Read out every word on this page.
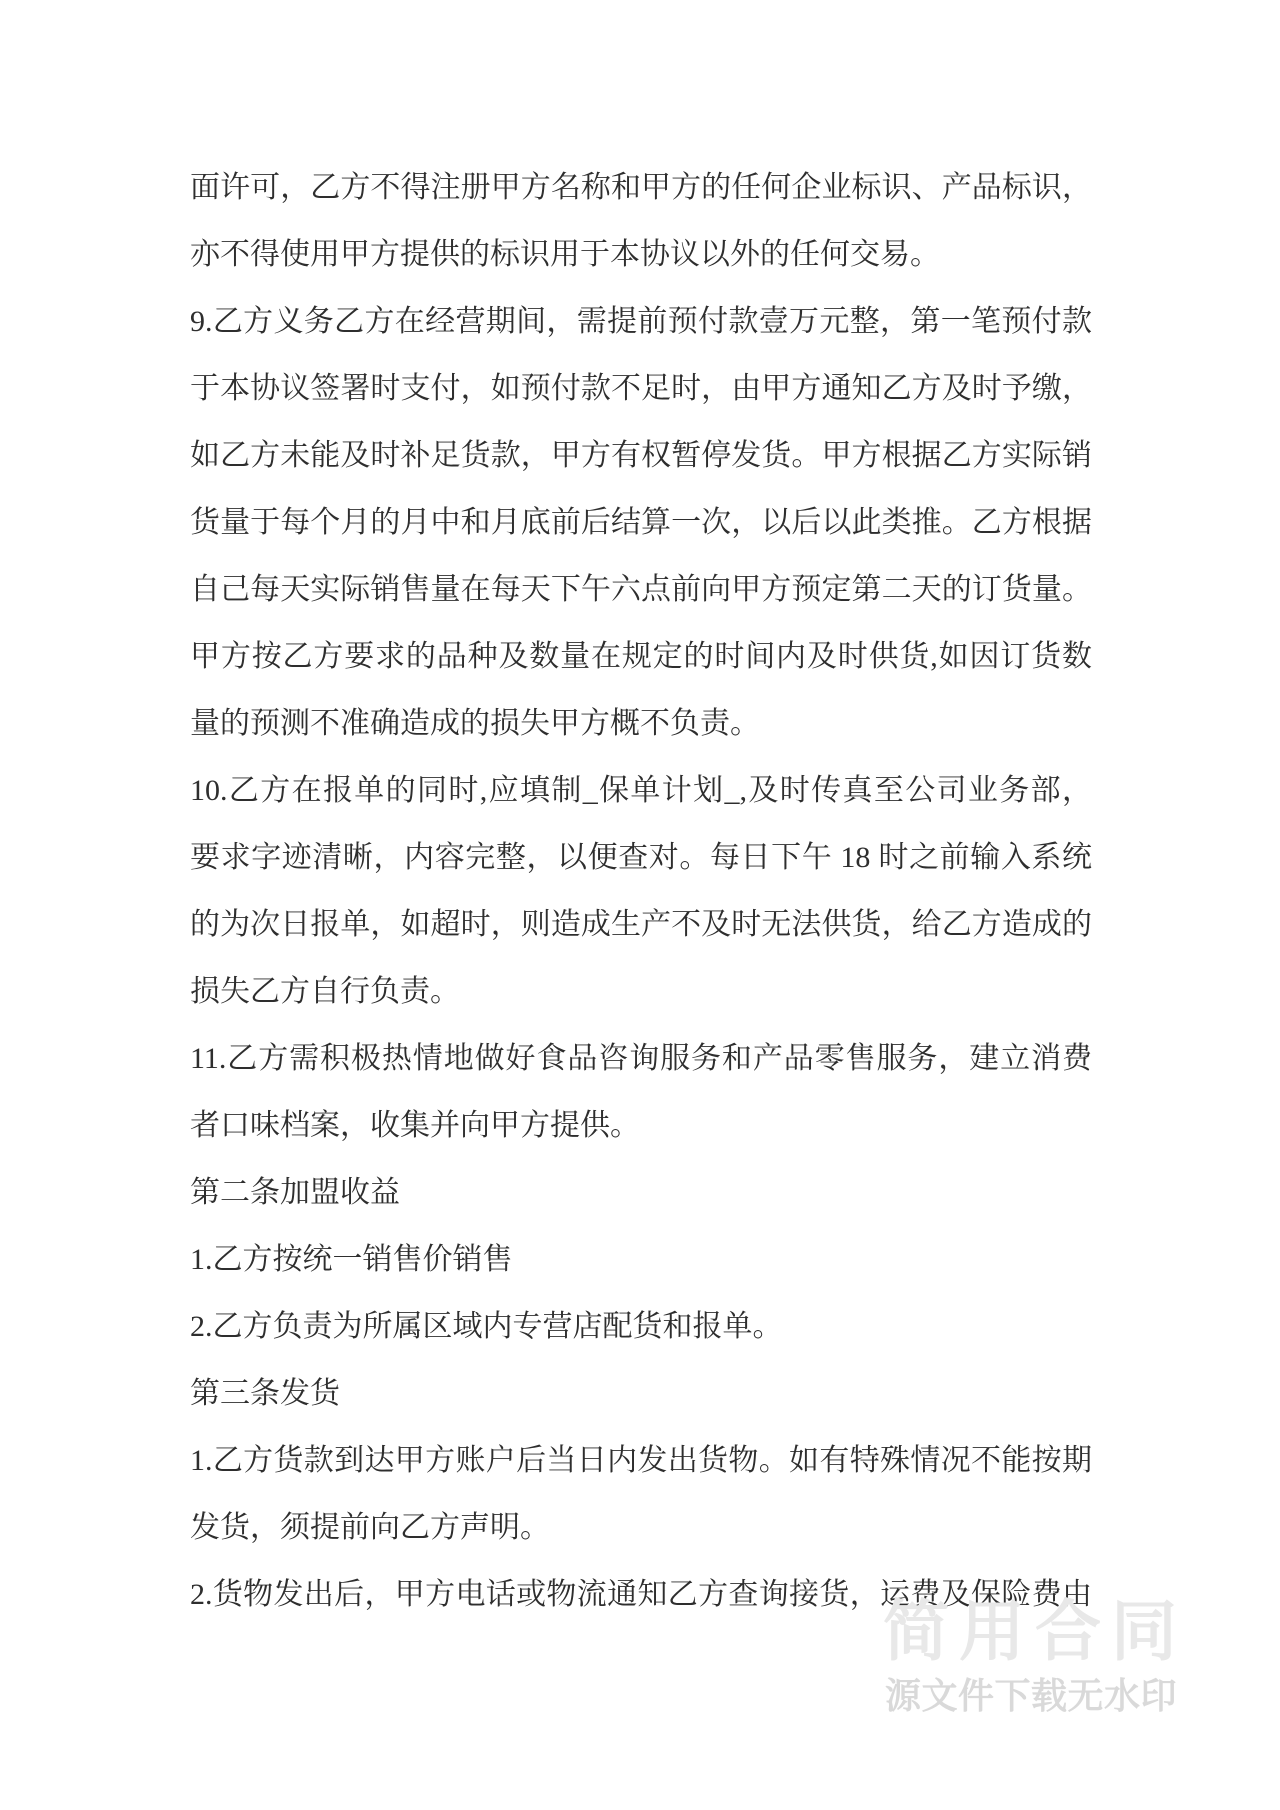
面许可，乙方不得注册甲方名称和甲方的任何企业标识、产品标识，
亦不得使用甲方提供的标识用于本协议以外的任何交易。
9.乙方义务乙方在经营期间，需提前预付款壹万元整，第一笔预付款
于本协议签署时支付，如预付款不足时，由甲方通知乙方及时予缴，
如乙方未能及时补足货款，甲方有权暂停发货。甲方根据乙方实际销
货量于每个月的月中和月底前后结算一次，以后以此类推。乙方根据
自己每天实际销售量在每天下午六点前向甲方预定第二天的订货量。
甲方按乙方要求的品种及数量在规定的时间内及时供货,如因订货数
量的预测不准确造成的损失甲方概不负责。
10.乙方在报单的同时,应填制_保单计划_,及时传真至公司业务部，
要求字迹清晰，内容完整，以便查对。每日下午 18 时之前输入系统
的为次日报单，如超时，则造成生产不及时无法供货，给乙方造成的
损失乙方自行负责。
11.乙方需积极热情地做好食品咨询服务和产品零售服务，建立消费
者口味档案，收集并向甲方提供。
第二条加盟收益
1.乙方按统一销售价销售
2.乙方负责为所属区域内专营店配货和报单。
第三条发货
1.乙方货款到达甲方账户后当日内发出货物。如有特殊情况不能按期
发货，须提前向乙方声明。
2.货物发出后，甲方电话或物流通知乙方查询接货，运费及保险费由
简用合同
源文件下载无水印
